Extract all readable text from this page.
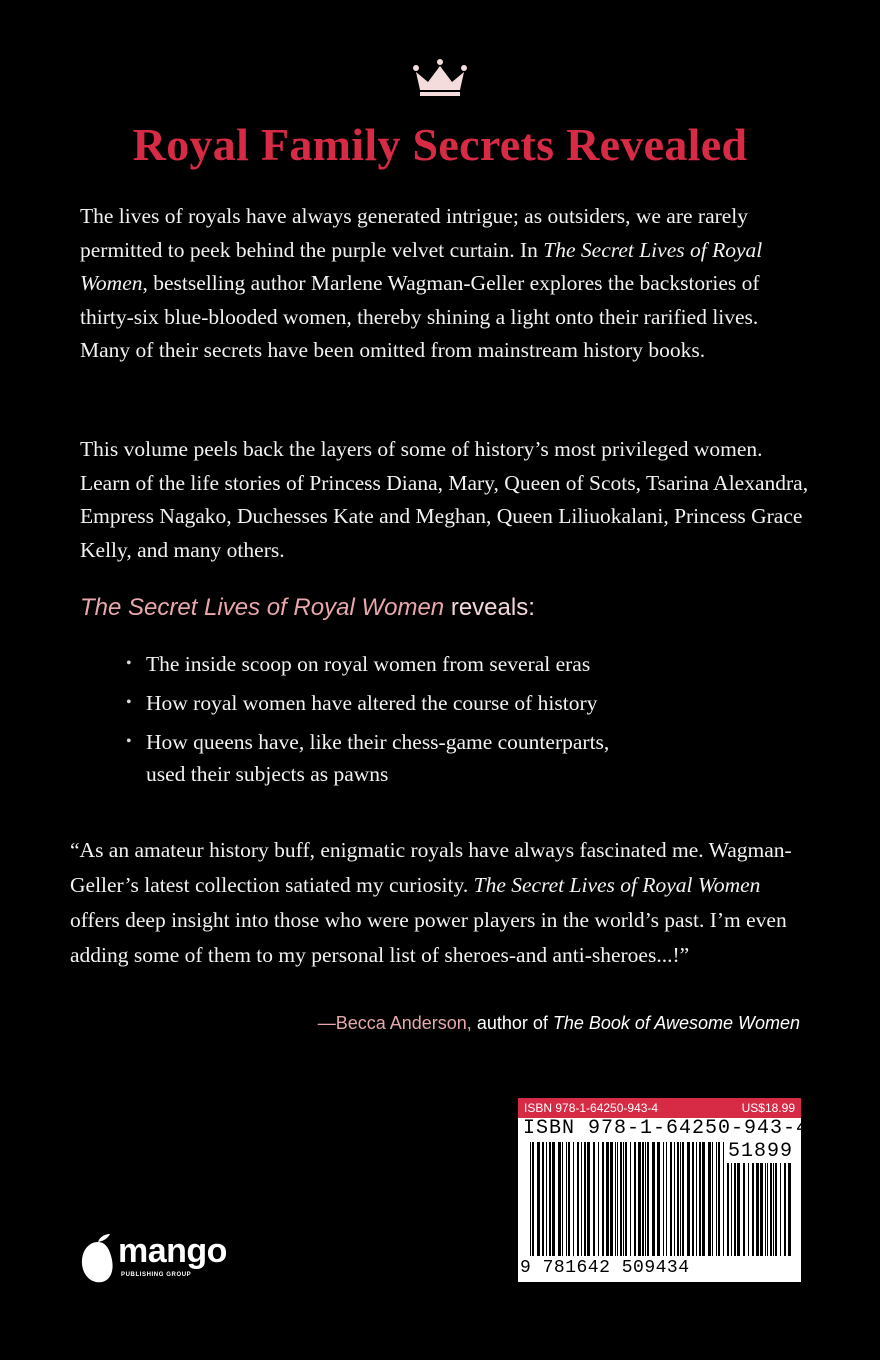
Royal Family Secrets Revealed

The lives of royals have always generated intrigue; as outsiders, we are rarely permitted to peek behind the purple velvet curtain. In The Secret Lives of Royal Women, bestselling author Marlene Wagman-Geller explores the backstories of thirty-six blue-blooded women, thereby shining a light onto their rarified lives. Many of their secrets have been omitted from mainstream history books.

This volume peels back the layers of some of history’s most privileged women. Learn of the life stories of Princess Diana, Mary, Queen of Scots, Tsarina Alexandra, Empress Nagako, Duchesses Kate and Meghan, Queen Liliuokalani, Princess Grace Kelly, and many others.

The Secret Lives of Royal Women reveals:

• The inside scoop on royal women from several eras
• How royal women have altered the course of history
• How queens have, like their chess-game counterparts,
used their subjects as pawns

“As an amateur history buff, enigmatic royals have always fascinated me. Wagman-Geller’s latest collection satiated my curiosity. The Secret Lives of Royal Women offers deep insight into those who were power players in the world’s past. I’m even adding some of them to my personal list of sheroes-and anti-sheroes...!”

—Becca Anderson, author of The Book of Awesome Women

ISBN 978-1-64250-943-4	US$18.99
ISBN 978-1-64250-943-4
51899
9 781642 509434
mango
PUBLISHING GROUP
